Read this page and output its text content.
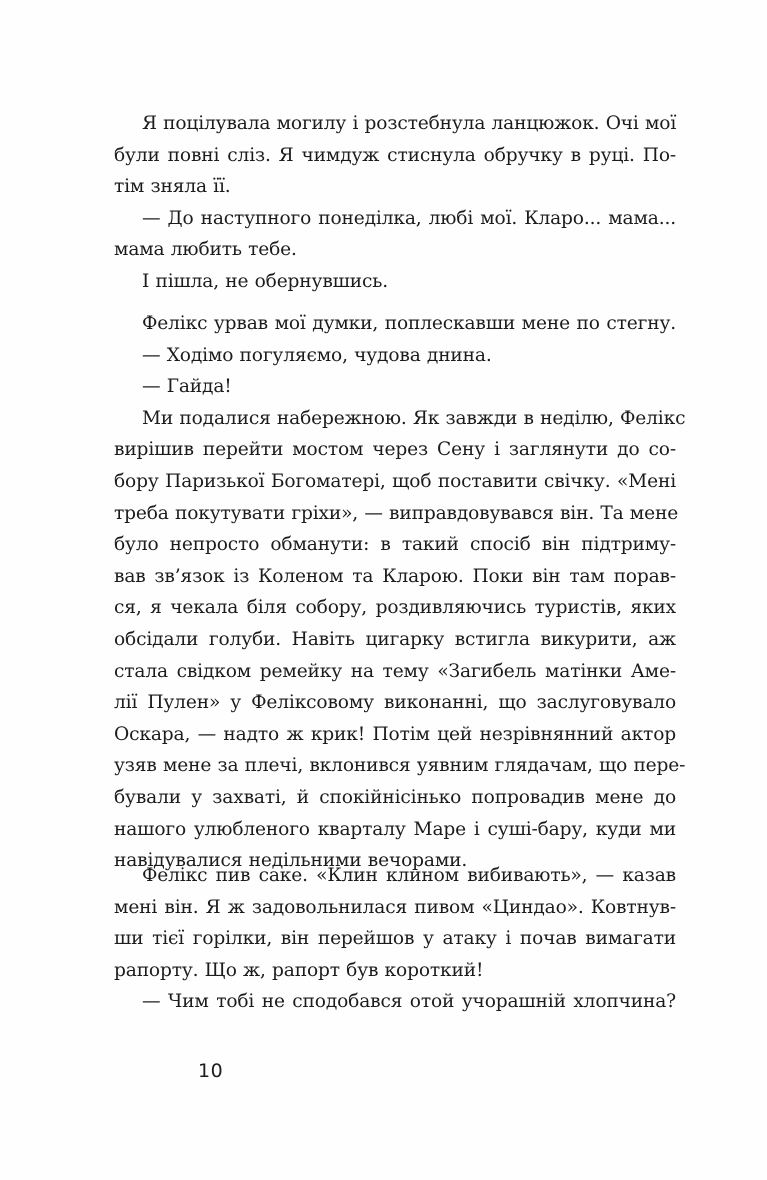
Я поцілувала могилу і розстебнула ланцюжок. Очі мої
були повні сліз. Я чимдуж стиснула обручку в руці. По-
тім зняла її.
— До наступного понеділка, любі мої. Кларо... мама...
мама любить тебе.
І пішла, не обернувшись.
Фелікс урвав мої думки, поплескавши мене по стегну.
— Ходімо погуляємо, чудова днина.
— Гайда!
Ми подалися набережною. Як завжди в неділю, Фелікс
вирішив перейти мостом через Сену і заглянути до со-
бору Паризької Богоматері, щоб поставити свічку. «Мені
треба покутувати гріхи», — виправдовувався він. Та мене
було непросто обманути: в такий спосіб він підтриму-
вав зв’язок із Коленом та Кларою. Поки він там порав-
ся, я чекала біля собору, роздивляючись туристів, яких
обсідали голуби. Навіть цигарку встигла викурити, аж
стала свідком ремейку на тему «Загибель матінки Аме-
лії Пулен» у Феліксовому виконанні, що заслуговувало
Оскара, — надто ж крик! Потім цей незрівнянний актор
узяв мене за плечі, вклонився уявним глядачам, що пере-
бували у захваті, й спокійнісінько попровадив мене до
нашого улюбленого кварталу Маре і суші-бару, куди ми
навідувалися недільними вечорами.
Фелікс пив саке. «Клин клином вибивають», — казав
мені він. Я ж задовольнилася пивом «Циндао». Ковтнув-
ши тієї горілки, він перейшов у атаку і почав вимагати
рапорту. Що ж, рапорт був короткий!
— Чим тобі не сподобався отой учорашній хлопчина?
10
